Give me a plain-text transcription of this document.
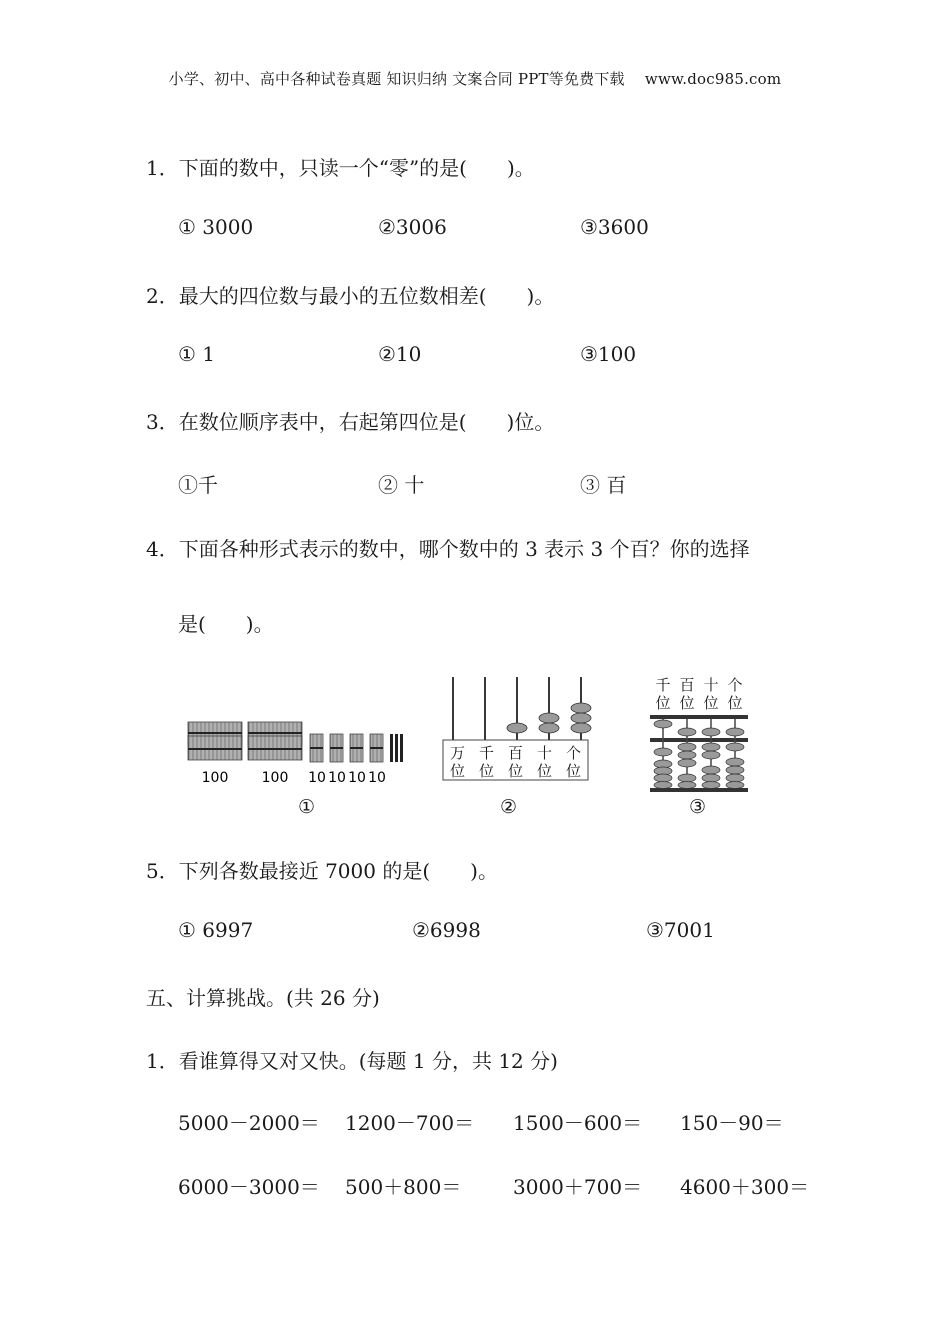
小学、初中、高中各种试卷真题 知识归纳 文案合同 PPT等免费下载　 www.doc985.com
1．下面的数中，只读一个“零”的是(　　)。
① 3000	②3006	③3600
2．最大的四位数与最小的五位数相差(　　)。
① 1	②10	③100
3．在数位顺序表中，右起第四位是(　　)位。
①千	② 十	③ 百
4．下面各种形式表示的数中，哪个数中的 3 表示 3 个百？你的选择
是(　　)。
100 100 10 10 10 10
万位
千位
百位
十位
个位
千位
百位
十位
个位
①	②	③
5．下列各数最接近 7000 的是(　　)。
① 6997	②6998	③7001
五、计算挑战。(共 26 分)
1．看谁算得又对又快。(每题 1 分，共 12 分)
5000－2000＝ 1200－700＝ 1500－600＝ 150－90＝
6000－3000＝ 500＋800＝	3000＋700＝ 4600＋300＝
